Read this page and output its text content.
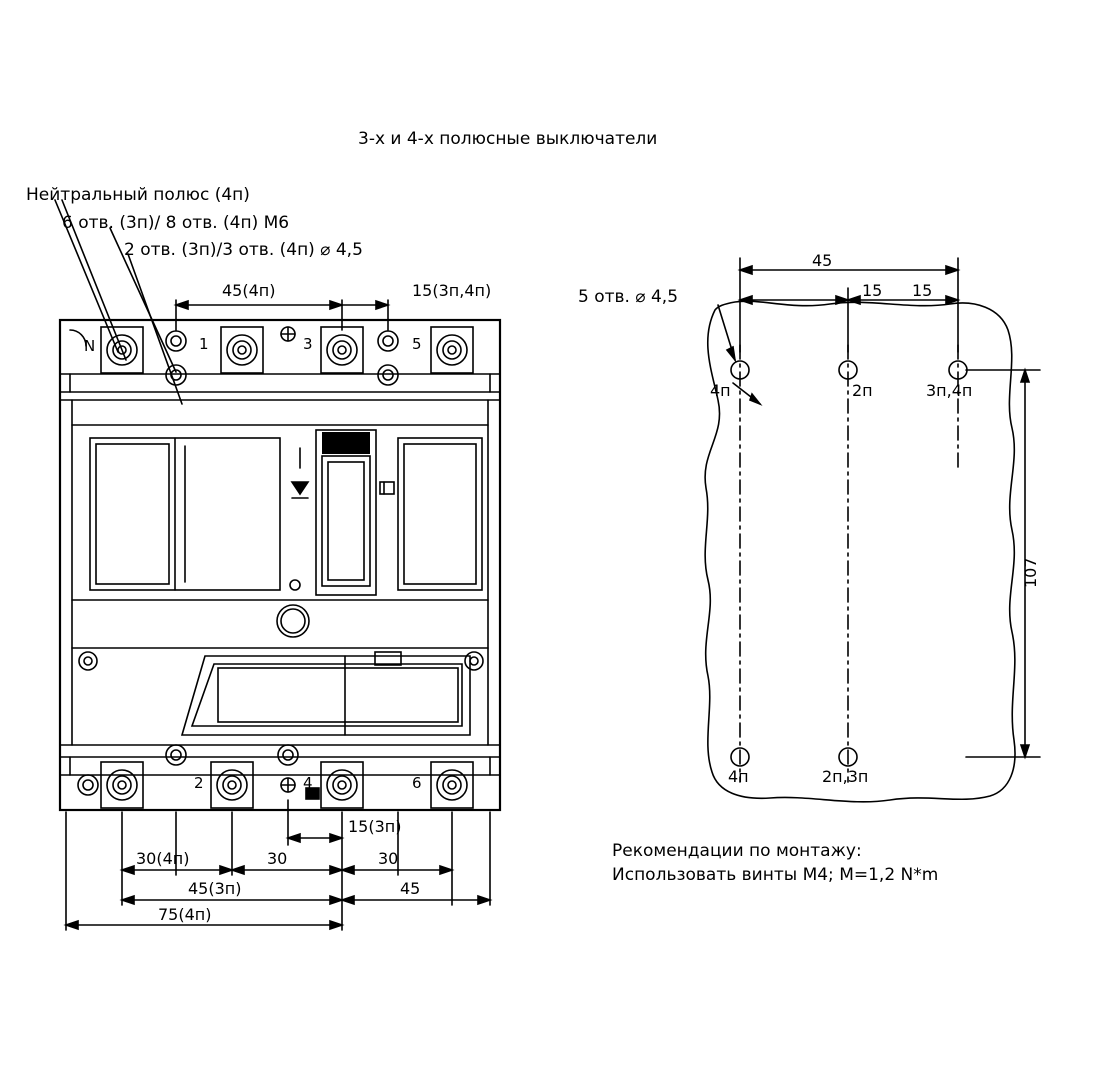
3-х и 4-х полюсные выключатели
Нейтральный полюс (4п)
6 отв. (3п)/ 8 отв. (4п) М6
2 отв. (3п)/3 отв. (4п) ⌀ 4,5
45(4п)	15(3п,4п)
N	1	3	5
2	4	6
15(3п)
30(4п)	30	30
45(3п)	45
75(4п)
5 отв. ⌀ 4,5
45
15 15
107
4п	2п	3п,4п
4п	2п,3п
Рекомендации по монтажу:
Использовать винты М4; М=1,2 N*m
